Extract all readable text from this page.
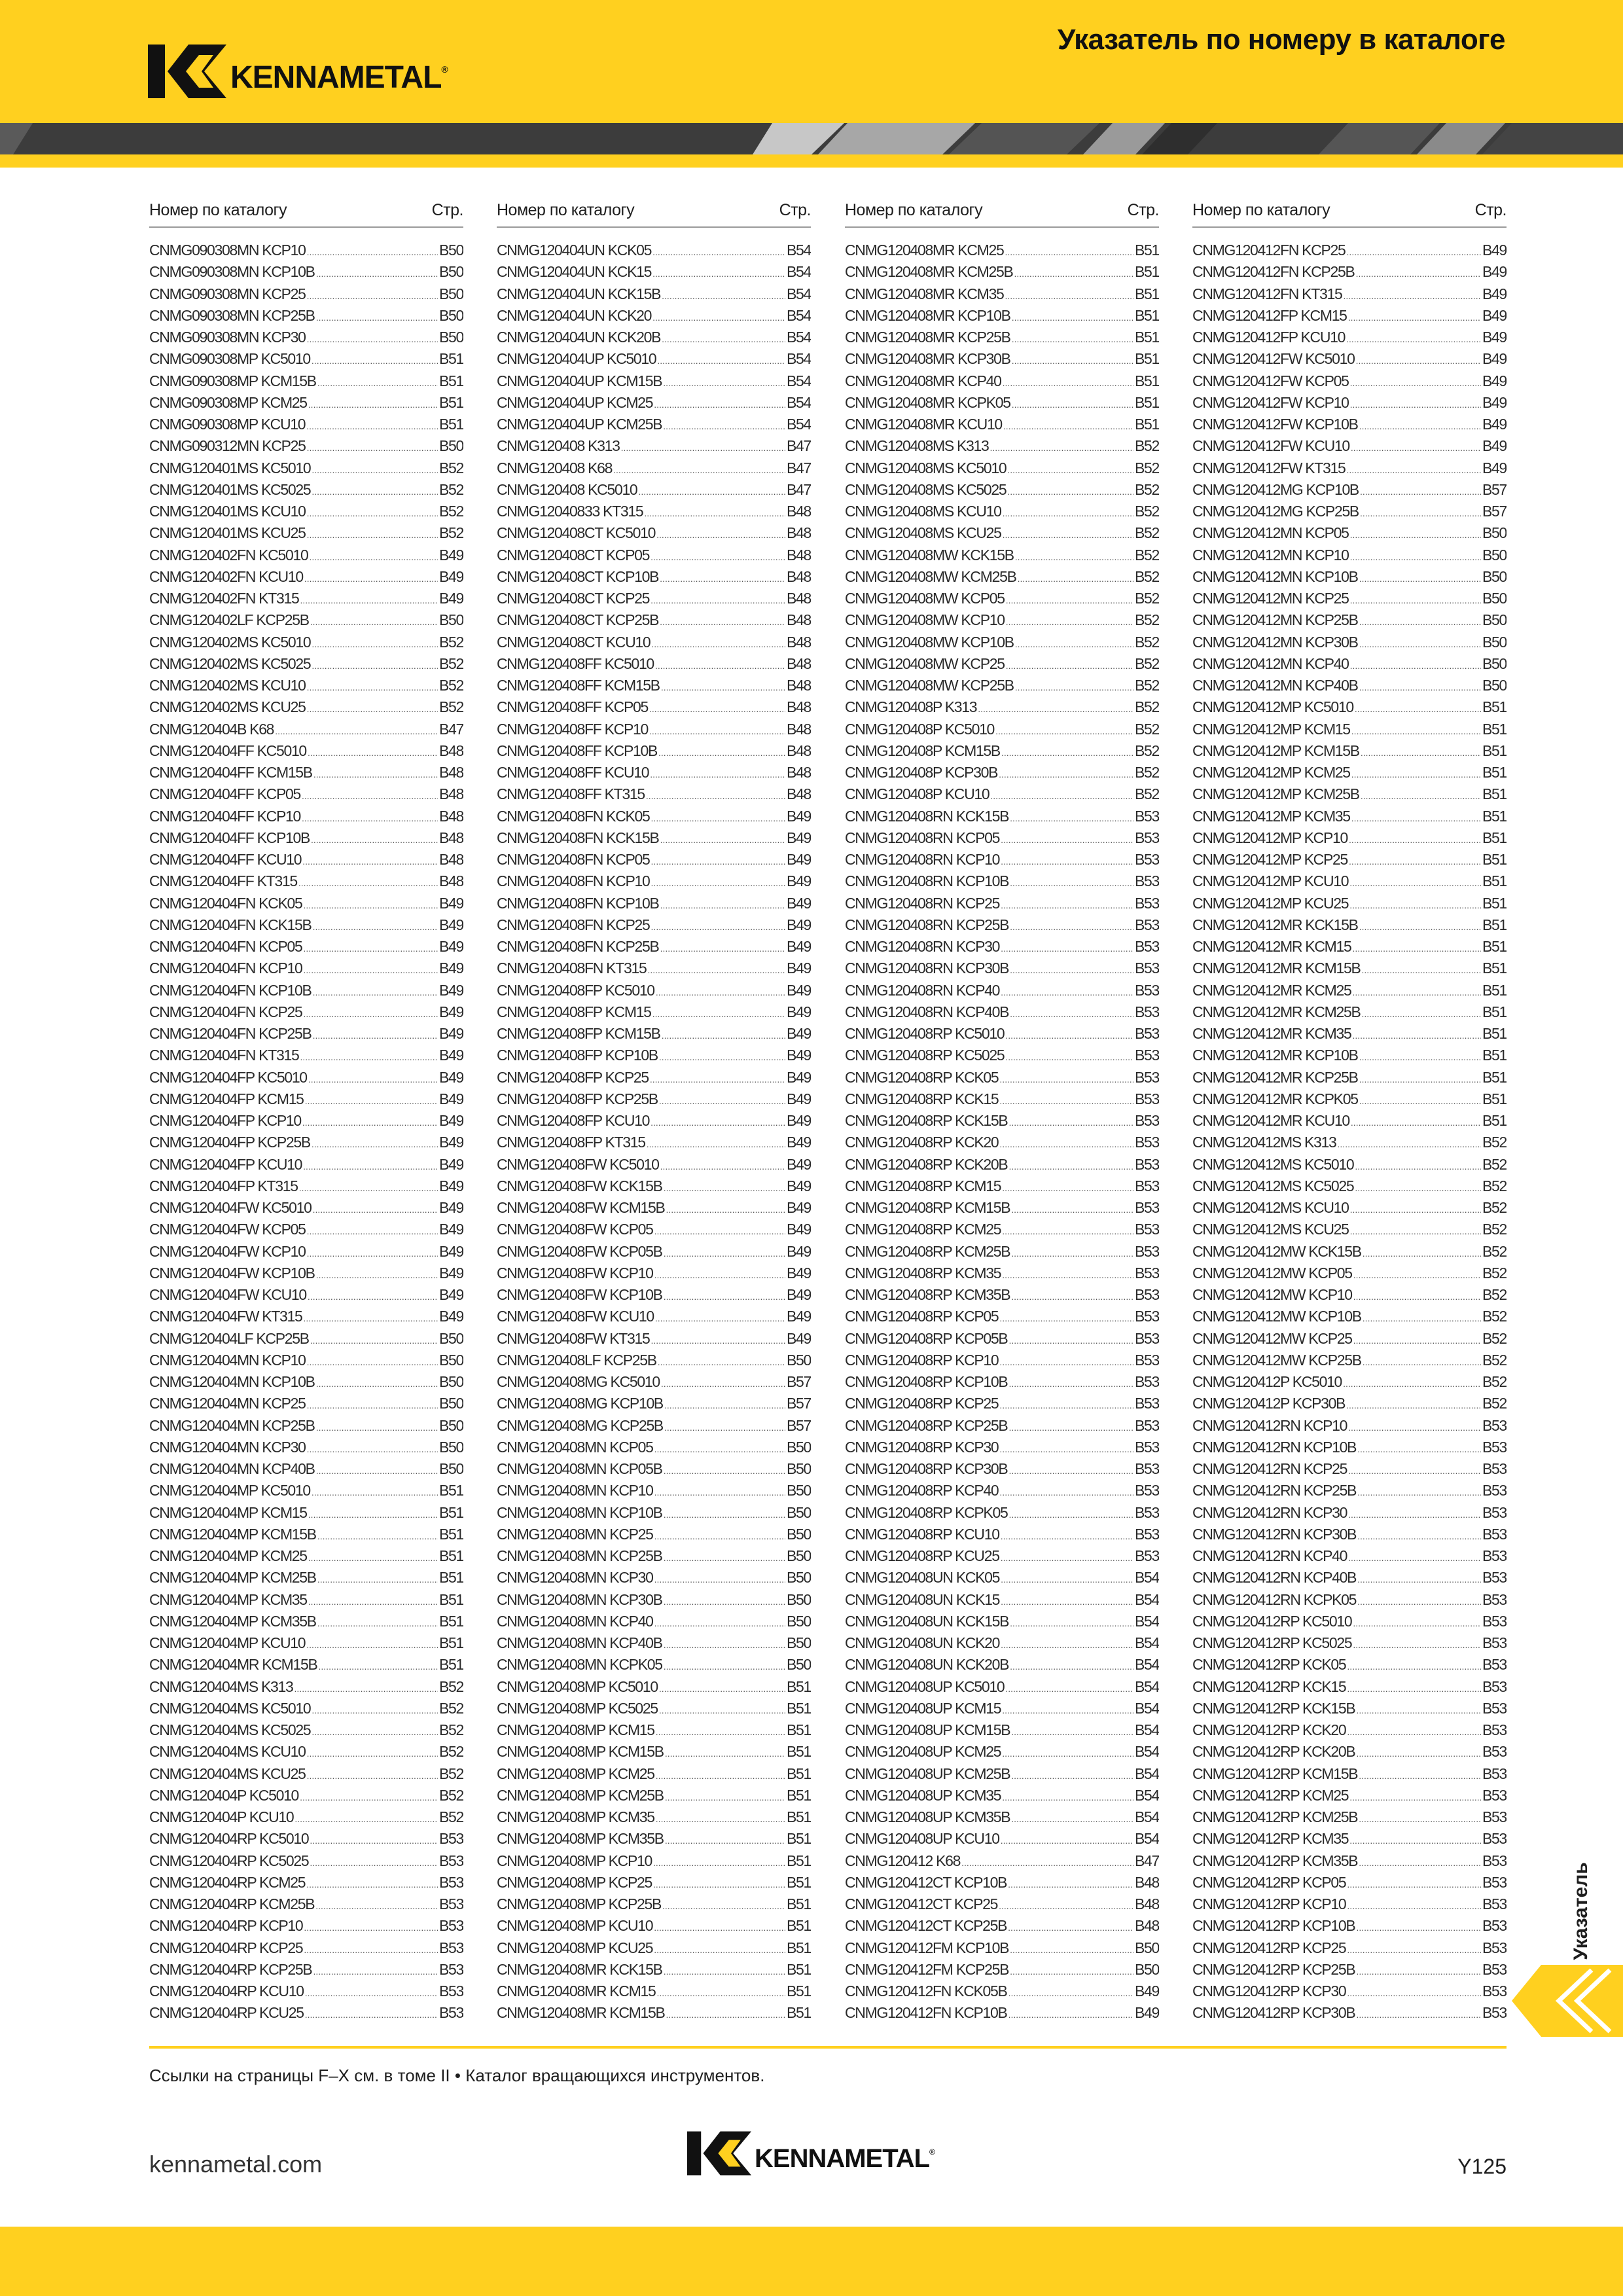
KENNAMETAL ®
Указатель по номеру в каталоге
Номер по каталогу	Стр.
CNMG090308MN KCP10 .....	B50
CNMG090308MN KCP10B .....	B50
CNMG090308MN KCP25 .....	B50
CNMG090308MN KCP25B .....	B50
CNMG090308MN KCP30 .....	B50
CNMG090308MP KC5010 .....	B51
CNMG090308MP KCM15B .....	B51
CNMG090308MP KCM25 .....	B51
CNMG090308MP KCU10 .....	B51
CNMG090312MN KCP25 .....	B50
CNMG120401MS KC5010 .....	B52
CNMG120401MS KC5025 .....	B52
CNMG120401MS KCU10 .....	B52
CNMG120401MS KCU25 .....	B52
CNMG120402FN KC5010 .....	B49
CNMG120402FN KCU10 .....	B49
CNMG120402FN KT315 .....	B49
CNMG120402LF KCP25B .....	B50
CNMG120402MS KC5010 .....	B52
CNMG120402MS KC5025 .....	B52
CNMG120402MS KCU10 .....	B52
CNMG120402MS KCU25 .....	B52
CNMG120404B K68 .....	B47
CNMG120404FF KC5010 .....	B48
CNMG120404FF KCM15B .....	B48
CNMG120404FF KCP05 .....	B48
CNMG120404FF KCP10 .....	B48
CNMG120404FF KCP10B .....	B48
CNMG120404FF KCU10 .....	B48
CNMG120404FF KT315 .....	B48
CNMG120404FN KCK05 .....	B49
CNMG120404FN KCK15B .....	B49
CNMG120404FN KCP05 .....	B49
CNMG120404FN KCP10 .....	B49
CNMG120404FN KCP10B .....	B49
CNMG120404FN KCP25 .....	B49
CNMG120404FN KCP25B .....	B49
CNMG120404FN KT315 .....	B49
CNMG120404FP KC5010 .....	B49
CNMG120404FP KCM15 .....	B49
CNMG120404FP KCP10 .....	B49
CNMG120404FP KCP25B .....	B49
CNMG120404FP KCU10 .....	B49
CNMG120404FP KT315 .....	B49
CNMG120404FW KC5010 .....	B49
CNMG120404FW KCP05 .....	B49
CNMG120404FW KCP10 .....	B49
CNMG120404FW KCP10B .....	B49
CNMG120404FW KCU10 .....	B49
CNMG120404FW KT315 .....	B49
CNMG120404LF KCP25B .....	B50
CNMG120404MN KCP10 .....	B50
CNMG120404MN KCP10B .....	B50
CNMG120404MN KCP25 .....	B50
CNMG120404MN KCP25B .....	B50
CNMG120404MN KCP30 .....	B50
CNMG120404MN KCP40B .....	B50
CNMG120404MP KC5010 .....	B51
CNMG120404MP KCM15 .....	B51
CNMG120404MP KCM15B .....	B51
CNMG120404MP KCM25 .....	B51
CNMG120404MP KCM25B .....	B51
CNMG120404MP KCM35 .....	B51
CNMG120404MP KCM35B .....	B51
CNMG120404MP KCU10 .....	B51
CNMG120404MR KCM15B .....	B51
CNMG120404MS K313 .....	B52
CNMG120404MS KC5010 .....	B52
CNMG120404MS KC5025 .....	B52
CNMG120404MS KCU10 .....	B52
CNMG120404MS KCU25 .....	B52
CNMG120404P KC5010 .....	B52
CNMG120404P KCU10 .....	B52
CNMG120404RP KC5010 .....	B53
CNMG120404RP KC5025 .....	B53
CNMG120404RP KCM25 .....	B53
CNMG120404RP KCM25B .....	B53
CNMG120404RP KCP10 .....	B53
CNMG120404RP KCP25 .....	B53
CNMG120404RP KCP25B .....	B53
CNMG120404RP KCU10 .....	B53
CNMG120404RP KCU25 .....	B53
Номер по каталогу	Стр.
CNMG120404UN KCK05 .....	B54
CNMG120404UN KCK15 .....	B54
CNMG120404UN KCK15B .....	B54
CNMG120404UN KCK20 .....	B54
CNMG120404UN KCK20B .....	B54
CNMG120404UP KC5010 .....	B54
CNMG120404UP KCM15B .....	B54
CNMG120404UP KCM25 .....	B54
CNMG120404UP KCM25B .....	B54
CNMG120408 K313 .....	B47
CNMG120408 K68 .....	B47
CNMG120408 KC5010 .....	B47
CNMG12040833 KT315 .....	B48
CNMG120408CT KC5010 .....	B48
CNMG120408CT KCP05 .....	B48
CNMG120408CT KCP10B .....	B48
CNMG120408CT KCP25 .....	B48
CNMG120408CT KCP25B .....	B48
CNMG120408CT KCU10 .....	B48
CNMG120408FF KC5010 .....	B48
CNMG120408FF KCM15B .....	B48
CNMG120408FF KCP05 .....	B48
CNMG120408FF KCP10 .....	B48
CNMG120408FF KCP10B .....	B48
CNMG120408FF KCU10 .....	B48
CNMG120408FF KT315 .....	B48
CNMG120408FN KCK05 .....	B49
CNMG120408FN KCK15B .....	B49
CNMG120408FN KCP05 .....	B49
CNMG120408FN KCP10 .....	B49
CNMG120408FN KCP10B .....	B49
CNMG120408FN KCP25 .....	B49
CNMG120408FN KCP25B .....	B49
CNMG120408FN KT315 .....	B49
CNMG120408FP KC5010 .....	B49
CNMG120408FP KCM15 .....	B49
CNMG120408FP KCM15B .....	B49
CNMG120408FP KCP10B .....	B49
CNMG120408FP KCP25 .....	B49
CNMG120408FP KCP25B .....	B49
CNMG120408FP KCU10 .....	B49
CNMG120408FP KT315 .....	B49
CNMG120408FW KC5010 .....	B49
CNMG120408FW KCK15B .....	B49
CNMG120408FW KCM15B .....	B49
CNMG120408FW KCP05 .....	B49
CNMG120408FW KCP05B .....	B49
CNMG120408FW KCP10 .....	B49
CNMG120408FW KCP10B .....	B49
CNMG120408FW KCU10 .....	B49
CNMG120408FW KT315 .....	B49
CNMG120408LF KCP25B .....	B50
CNMG120408MG KC5010 .....	B57
CNMG120408MG KCP10B .....	B57
CNMG120408MG KCP25B .....	B57
CNMG120408MN KCP05 .....	B50
CNMG120408MN KCP05B .....	B50
CNMG120408MN KCP10 .....	B50
CNMG120408MN KCP10B .....	B50
CNMG120408MN KCP25 .....	B50
CNMG120408MN KCP25B .....	B50
CNMG120408MN KCP30 .....	B50
CNMG120408MN KCP30B .....	B50
CNMG120408MN KCP40 .....	B50
CNMG120408MN KCP40B .....	B50
CNMG120408MN KCPK05 .....	B50
CNMG120408MP KC5010 .....	B51
CNMG120408MP KC5025 .....	B51
CNMG120408MP KCM15 .....	B51
CNMG120408MP KCM15B .....	B51
CNMG120408MP KCM25 .....	B51
CNMG120408MP KCM25B .....	B51
CNMG120408MP KCM35 .....	B51
CNMG120408MP KCM35B .....	B51
CNMG120408MP KCP10 .....	B51
CNMG120408MP KCP25 .....	B51
CNMG120408MP KCP25B .....	B51
CNMG120408MP KCU10 .....	B51
CNMG120408MP KCU25 .....	B51
CNMG120408MR KCK15B .....	B51
CNMG120408MR KCM15 .....	B51
CNMG120408MR KCM15B .....	B51
Номер по каталогу	Стр.
CNMG120408MR KCM25 .....	B51
CNMG120408MR KCM25B .....	B51
CNMG120408MR KCM35 .....	B51
CNMG120408MR KCP10B .....	B51
CNMG120408MR KCP25B .....	B51
CNMG120408MR KCP30B .....	B51
CNMG120408MR KCP40 .....	B51
CNMG120408MR KCPK05 .....	B51
CNMG120408MR KCU10 .....	B51
CNMG120408MS K313 .....	B52
CNMG120408MS KC5010 .....	B52
CNMG120408MS KC5025 .....	B52
CNMG120408MS KCU10 .....	B52
CNMG120408MS KCU25 .....	B52
CNMG120408MW KCK15B .....	B52
CNMG120408MW KCM25B .....	B52
CNMG120408MW KCP05 .....	B52
CNMG120408MW KCP10 .....	B52
CNMG120408MW KCP10B .....	B52
CNMG120408MW KCP25 .....	B52
CNMG120408MW KCP25B .....	B52
CNMG120408P K313 .....	B52
CNMG120408P KC5010 .....	B52
CNMG120408P KCM15B .....	B52
CNMG120408P KCP30B .....	B52
CNMG120408P KCU10 .....	B52
CNMG120408RN KCK15B .....	B53
CNMG120408RN KCP05 .....	B53
CNMG120408RN KCP10 .....	B53
CNMG120408RN KCP10B .....	B53
CNMG120408RN KCP25 .....	B53
CNMG120408RN KCP25B .....	B53
CNMG120408RN KCP30 .....	B53
CNMG120408RN KCP30B .....	B53
CNMG120408RN KCP40 .....	B53
CNMG120408RN KCP40B .....	B53
CNMG120408RP KC5010 .....	B53
CNMG120408RP KC5025 .....	B53
CNMG120408RP KCK05 .....	B53
CNMG120408RP KCK15 .....	B53
CNMG120408RP KCK15B .....	B53
CNMG120408RP KCK20 .....	B53
CNMG120408RP KCK20B .....	B53
CNMG120408RP KCM15 .....	B53
CNMG120408RP KCM15B .....	B53
CNMG120408RP KCM25 .....	B53
CNMG120408RP KCM25B .....	B53
CNMG120408RP KCM35 .....	B53
CNMG120408RP KCM35B .....	B53
CNMG120408RP KCP05 .....	B53
CNMG120408RP KCP05B .....	B53
CNMG120408RP KCP10 .....	B53
CNMG120408RP KCP10B .....	B53
CNMG120408RP KCP25 .....	B53
CNMG120408RP KCP25B .....	B53
CNMG120408RP KCP30 .....	B53
CNMG120408RP KCP30B .....	B53
CNMG120408RP KCP40 .....	B53
CNMG120408RP KCPK05 .....	B53
CNMG120408RP KCU10 .....	B53
CNMG120408RP KCU25 .....	B53
CNMG120408UN KCK05 .....	B54
CNMG120408UN KCK15 .....	B54
CNMG120408UN KCK15B .....	B54
CNMG120408UN KCK20 .....	B54
CNMG120408UN KCK20B .....	B54
CNMG120408UP KC5010 .....	B54
CNMG120408UP KCM15 .....	B54
CNMG120408UP KCM15B .....	B54
CNMG120408UP KCM25 .....	B54
CNMG120408UP KCM25B .....	B54
CNMG120408UP KCM35 .....	B54
CNMG120408UP KCM35B .....	B54
CNMG120408UP KCU10 .....	B54
CNMG120412 K68 .....	B47
CNMG120412CT KCP10B .....	B48
CNMG120412CT KCP25 .....	B48
CNMG120412CT KCP25B .....	B48
CNMG120412FM KCP10B .....	B50
CNMG120412FM KCP25B .....	B50
CNMG120412FN KCK05B .....	B49
CNMG120412FN KCP10B .....	B49
Номер по каталогу	Стр.
CNMG120412FN KCP25 .....	B49
CNMG120412FN KCP25B .....	B49
CNMG120412FN KT315 .....	B49
CNMG120412FP KCM15 .....	B49
CNMG120412FP KCU10 .....	B49
CNMG120412FW KC5010 .....	B49
CNMG120412FW KCP05 .....	B49
CNMG120412FW KCP10 .....	B49
CNMG120412FW KCP10B .....	B49
CNMG120412FW KCU10 .....	B49
CNMG120412FW KT315 .....	B49
CNMG120412MG KCP10B .....	B57
CNMG120412MG KCP25B .....	B57
CNMG120412MN KCP05 .....	B50
CNMG120412MN KCP10 .....	B50
CNMG120412MN KCP10B .....	B50
CNMG120412MN KCP25 .....	B50
CNMG120412MN KCP25B .....	B50
CNMG120412MN KCP30B .....	B50
CNMG120412MN KCP40 .....	B50
CNMG120412MN KCP40B .....	B50
CNMG120412MP KC5010 .....	B51
CNMG120412MP KCM15 .....	B51
CNMG120412MP KCM15B .....	B51
CNMG120412MP KCM25 .....	B51
CNMG120412MP KCM25B .....	B51
CNMG120412MP KCM35 .....	B51
CNMG120412MP KCP10 .....	B51
CNMG120412MP KCP25 .....	B51
CNMG120412MP KCU10 .....	B51
CNMG120412MP KCU25 .....	B51
CNMG120412MR KCK15B .....	B51
CNMG120412MR KCM15 .....	B51
CNMG120412MR KCM15B .....	B51
CNMG120412MR KCM25 .....	B51
CNMG120412MR KCM25B .....	B51
CNMG120412MR KCM35 .....	B51
CNMG120412MR KCP10B .....	B51
CNMG120412MR KCP25B .....	B51
CNMG120412MR KCPK05 .....	B51
CNMG120412MR KCU10 .....	B51
CNMG120412MS K313 .....	B52
CNMG120412MS KC5010 .....	B52
CNMG120412MS KC5025 .....	B52
CNMG120412MS KCU10 .....	B52
CNMG120412MS KCU25 .....	B52
CNMG120412MW KCK15B .....	B52
CNMG120412MW KCP05 .....	B52
CNMG120412MW KCP10 .....	B52
CNMG120412MW KCP10B .....	B52
CNMG120412MW KCP25 .....	B52
CNMG120412MW KCP25B .....	B52
CNMG120412P KC5010 .....	B52
CNMG120412P KCP30B .....	B52
CNMG120412RN KCP10 .....	B53
CNMG120412RN KCP10B .....	B53
CNMG120412RN KCP25 .....	B53
CNMG120412RN KCP25B .....	B53
CNMG120412RN KCP30 .....	B53
CNMG120412RN KCP30B .....	B53
CNMG120412RN KCP40 .....	B53
CNMG120412RN KCP40B .....	B53
CNMG120412RN KCPK05 .....	B53
CNMG120412RP KC5010 .....	B53
CNMG120412RP KC5025 .....	B53
CNMG120412RP KCK05 .....	B53
CNMG120412RP KCK15 .....	B53
CNMG120412RP KCK15B .....	B53
CNMG120412RP KCK20 .....	B53
CNMG120412RP KCK20B .....	B53
CNMG120412RP KCM15B .....	B53
CNMG120412RP KCM25 .....	B53
CNMG120412RP KCM25B .....	B53
CNMG120412RP KCM35 .....	B53
CNMG120412RP KCM35B .....	B53
CNMG120412RP KCP05 .....	B53
CNMG120412RP KCP10 .....	B53
CNMG120412RP KCP10B .....	B53
CNMG120412RP KCP25 .....	B53
CNMG120412RP KCP25B .....	B53
CNMG120412RP KCP30 .....	B53
CNMG120412RP KCP30B .....	B53
Указатель
Ссылки на страницы F–X см. в томе II • Каталог вращающихся инструментов.
kennametal.com	KENNAMETAL ®
Y125
